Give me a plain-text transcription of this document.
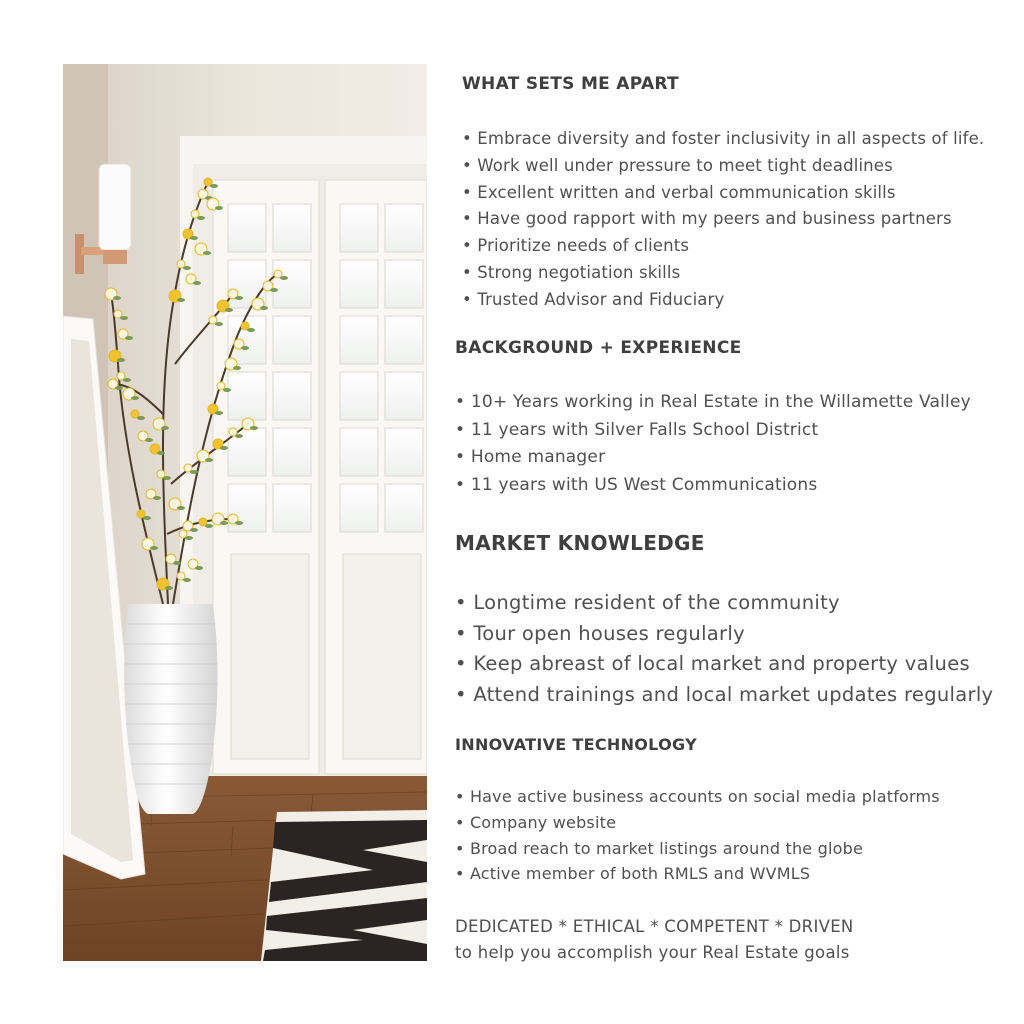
WHAT SETS ME APART
• Embrace diversity and foster inclusivity in all aspects of life.
• Work well under pressure to meet tight deadlines
• Excellent written and verbal communication skills
• Have good rapport with my peers and business partners
• Prioritize needs of clients
• Strong negotiation skills
• Trusted Advisor and Fiduciary
BACKGROUND + EXPERIENCE
• 10+ Years working in Real Estate in the Willamette Valley
• 11 years with Silver Falls School District
• Home manager
• 11 years with US West Communications
MARKET KNOWLEDGE
• Longtime resident of the community
• Tour open houses regularly
• Keep abreast of local market and property values
• Attend trainings and local market updates regularly
INNOVATIVE TECHNOLOGY
• Have active business accounts on social media platforms
• Company website
• Broad reach to market listings around the globe
• Active member of both RMLS and WVMLS
DEDICATED * ETHICAL * COMPETENT * DRIVEN
to help you accomplish your Real Estate goals
